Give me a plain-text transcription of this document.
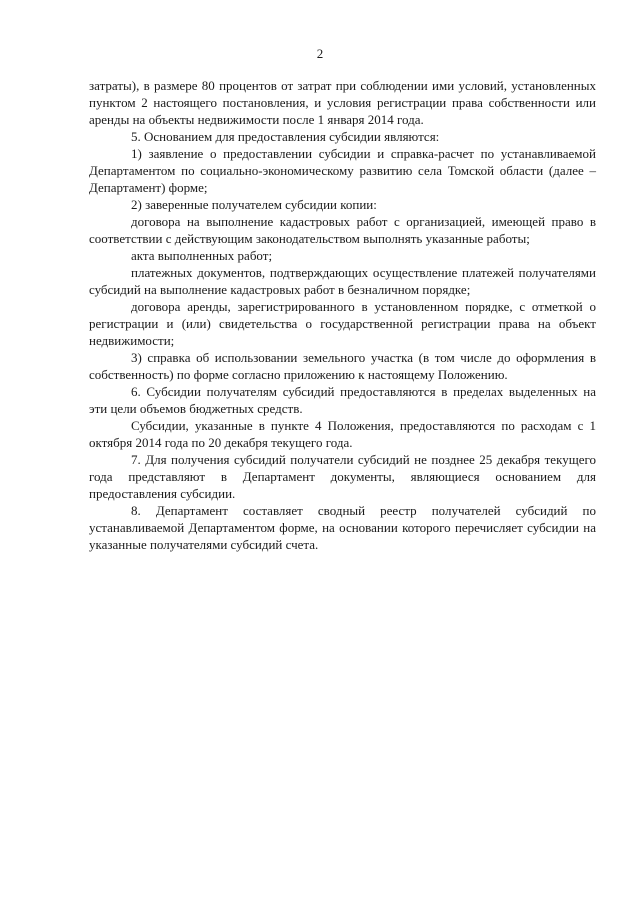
2

затраты), в размере 80 процентов от затрат при соблюдении ими условий, установленных пунктом 2 настоящего постановления, и условия регистрации права собственности или аренды на объекты недвижимости после 1 января 2014 года.

5. Основанием для предоставления субсидии являются:

1) заявление о предоставлении субсидии и справка-расчет по устанавливаемой Департаментом по социально-экономическому развитию села Томской области (далее – Департамент) форме;

2) заверенные получателем субсидии копии:

договора на выполнение кадастровых работ с организацией, имеющей право в соответствии с действующим законодательством выполнять указанные работы;

акта выполненных работ;

платежных документов, подтверждающих осуществление платежей получателями субсидий на выполнение кадастровых работ в безналичном порядке;

договора аренды, зарегистрированного в установленном порядке, с отметкой о регистрации и (или) свидетельства о государственной регистрации права на объект недвижимости;

3) справка об использовании земельного участка (в том числе до оформления в собственность) по форме согласно приложению к настоящему Положению.

6. Субсидии получателям субсидий предоставляются в пределах выделенных на эти цели объемов бюджетных средств.

Субсидии, указанные в пункте 4 Положения, предоставляются по расходам с 1 октября 2014 года по 20 декабря текущего года.

7. Для получения субсидий получатели субсидий не позднее 25 декабря текущего года представляют в Департамент документы, являющиеся основанием для предоставления субсидии.

8. Департамент составляет сводный реестр получателей субсидий по устанавливаемой Департаментом форме, на основании которого перечисляет субсидии на указанные получателями субсидий счета.
